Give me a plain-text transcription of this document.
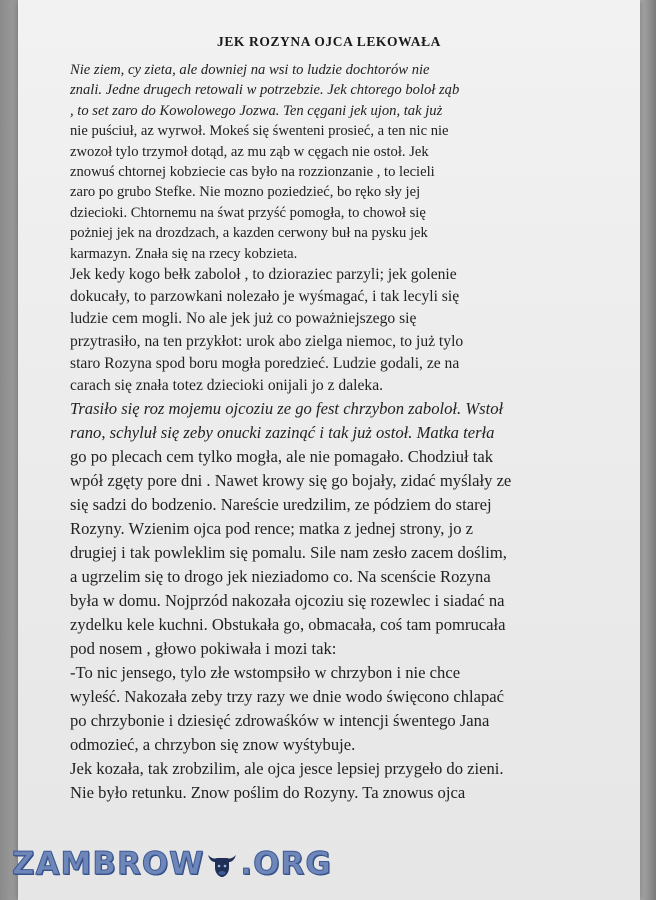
JEK ROZYNA OJCA LEKOWAŁA
Nie ziem, cy zieta, ale downiej na wsi to ludzie dochtorów nie
znali. Jedne drugech retowali w potrzebzie. Jek chtorego boloł ząb
, to set zaro do Kowolowego Jozwa. Ten cęgani jek ujon, tak już
nie puściuł, az wyrwoł. Mokeś się śwenteni prosieć, a ten nic nie
zwozoł tylo trzymoł dotąd, az mu ząb w cęgach nie ostoł. Jek
znowuś chtornej kobziecie cas było na rozzionzanie , to lecieli
zaro po grubo Stefke. Nie mozno poziedzieć, bo ręko sły jej
dziecioki. Chtornemu na śwat przyść pomogła, to chowoł się
pożniej jek na drozdzach, a kazden cerwony buł na pysku jek
karmazyn. Znała się na rzecy kobzieta.
Jek kedy kogo bełk zaboloł , to dzioraziec parzyli; jek golenie
dokucały, to parzowkani nolezało je wyśmagać, i tak lecyli się
ludzie cem mogli. No ale jek już co poważniejszego się
przytrasiło, na ten przykłot: urok abo zielga niemoc, to już tylo
staro Rozyna spod boru mogła poredzieć. Ludzie godali, ze na
carach się znała totez dziecioki onijali jo z daleka.
Trasiło się roz mojemu ojcoziu ze go fest chrzybon zaboloł. Wstoł
rano, schyluł się zeby onucki zazinąć i tak już ostoł. Matka terła
go po plecach cem tylko mogła, ale nie pomagało. Chodziuł tak
wpół zgęty pore dni . Nawet krowy się go bojały, zidać myślały ze
się sadzi do bodzenio. Nareście uredzilim, ze pódziem do starej
Rozyny. Wzienim ojca pod rence; matka z jednej strony, jo z
drugiej i tak powleklim się pomalu. Sile nam zesło zacem doślim,
a ugrzelim się to drogo jek nieziadomo co. Na scenście Rozyna
była w domu. Nojprzód nakozała ojcoziu się rozewlec i siadać na
zydelku kele kuchni. Obstukała go, obmacała, coś tam pomrucała
pod nosem , głowo pokiwała i mozi tak:
-To nic jensego, tylo złe wstompsiło w chrzybon i nie chce
wyleść. Nakozała zeby trzy razy we dnie wodo święcono chlapać
po chrzybonie i dziesięć zdrowaśków w intencji śwentego Jana
odmozieć, a chrzybon się znow wyśtybuje.
Jek kozała, tak zrobzilim, ale ojca jesce lepsiej przygeło do zieni.
Nie było retunku. Znow poślim do Rozyny. Ta znowus ojca
ZAMBROW .ORG
